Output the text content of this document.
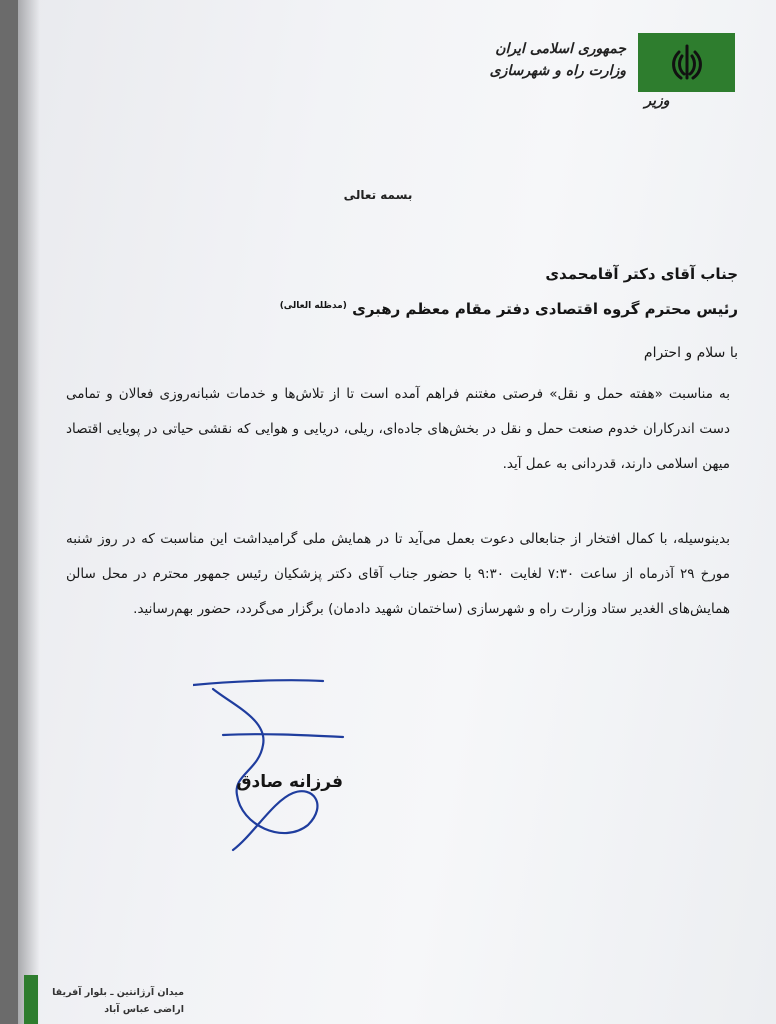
جمهوری اسلامی ایران
وزارت راه و شهرسازی
وزیر
بسمه تعالی
جناب آقای دکتر آقامحمدی
رئیس محترم گروه اقتصادی دفتر مقام معظم رهبری $^{(مدظله العالی)}$
با سلام و احترام
به مناسبت «هفته حمل و نقل» فرصتی مغتنم فراهم آمده است تا از تلاش‌ها و خدمات شبانه‌روزی فعالان و تمامی دست اندرکاران خدوم صنعت حمل و نقل در بخش‌های جاده‌ای، ریلی، دریایی و هوایی که نقشی حیاتی در پویایی اقتصاد میهن اسلامی دارند، قدردانی به عمل آید.
بدینوسیله، با کمال افتخار از جنابعالی دعوت بعمل می‌آید تا در همایش ملی گرامیداشت این مناسبت که در روز شنبه مورخ ۲۹ آذرماه از ساعت ۷:۳۰ لغایت ۹:۳۰ با حضور جناب آقای دکتر پزشکیان رئیس جمهور محترم در محل سالن همایش‌های الغدیر ستاد وزارت راه و شهرسازی (ساختمان شهید دادمان) برگزار می‌گردد، حضور بهم‌رسانید.
فرزانه صادق
میدان آرژانتین ـ بلوار آفریقا
اراضی عباس آباد
